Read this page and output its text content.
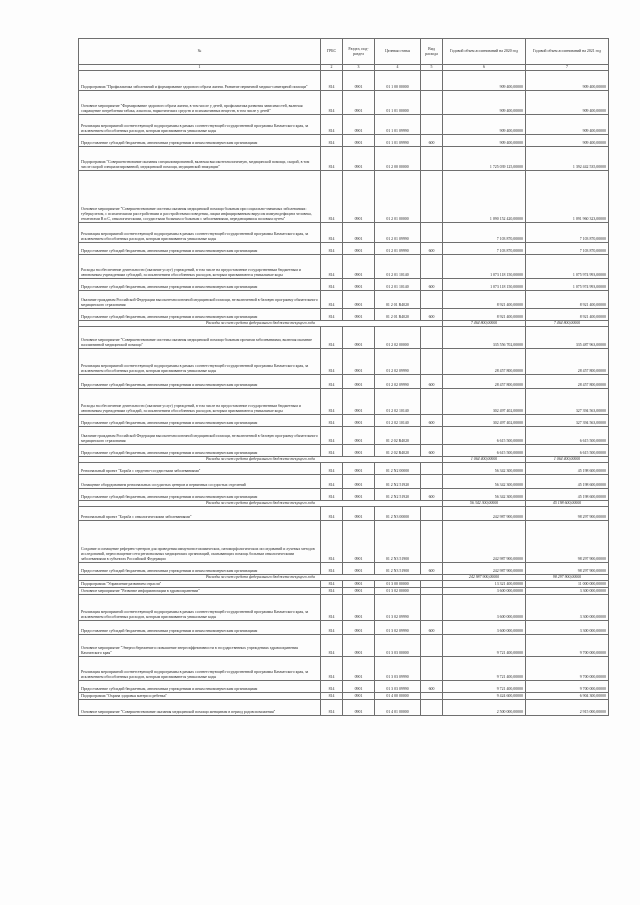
№	ГРБС	Раздел, под-раздел	Целевая статья	Вид расхода	Годовой объем ассигнований на 2020 год	Годовой объем ассигнований на 2021 год
1	2	3	4	5	6	7
Подпрограмма "Профилактика заболеваний и формирование здорового образа жизни. Развитие первичной медико-санитарной помощи"	814	0901	01 1 00 00000		909 400,00000	909 400,00000
Основное мероприятие "Формирование здорового образа жизни, в том числе у детей, профилактика развития зависимостей, включая сокращение потребления табака, алкоголя, наркотических средств и психоактивных веществ, в том числе у детей"	814	0901	01 1 01 00000		909 400,00000	909 400,00000
Реализация мероприятий соответствующей подпрограммы в рамках соответствующей государственной программы Камчатского края, за исключением обособленных расходов, которым присваиваются уникальные коды	814	0901	01 1 01 09990		909 400,00000	909 400,00000
Предоставление субсидий бюджетным, автономным учреждениям и иным некоммерческим организациям	814	0901	01 1 01 09990	600	909 400,00000	909 400,00000
Подпрограмма "Совершенствование оказания специализированной, включая высокотехнологичную, медицинской помощи, скорой, в том числе скорой специализированной, медицинской помощи, медицинской эвакуации"	814	0901	01 2 00 00000		1 725 039 125,00000	1 392 442 535,00000
Основное мероприятие "Совершенствование системы оказания медицинской помощи больным при социально-значимых заболеваниях: туберкулезом, с психическими расстройствами и расстройствами поведения, лицам инфицированным вирусом иммунодефицита человека, гепатитами В и С, онкологическими, сосудистыми больным и больным с заболеваниями, передающимися половым путем"	814	0901	01 2 01 00000		1 090 152 420,00000	1 091 960 323,00000
Реализация мероприятий соответствующей подпрограммы в рамках соответствующей государственной программы Камчатского края, за исключением обособленных расходов, которым присваиваются уникальные коды	814	0901	01 2 01 09990		7 103 870,00000	7 103 870,00000
Предоставление субсидий бюджетным, автономным учреждениям и иным некоммерческим организациям	814	0901	01 2 01 09990	600	7 103 870,00000	7 103 870,00000
Расходы на обеспечение деятельности (оказание услуг) учреждений, в том числе на предоставление государственным бюджетным и автономным учреждениям субсидий, за исключением обособленных расходов, которым присваиваются уникальные коды	814	0901	01 2 01 10140		1 073 118 150,00000	1 075 974 993,00000
Предоставление субсидий бюджетным, автономным учреждениям и иным некоммерческим организациям	814	0901	01 2 01 10140	600	1 073 118 150,00000	1 075 974 993,00000
Оказание гражданам Российской Федерации высокотехнологичной медицинской помощи, не включенной в базовую программу обязательного медицинского страхования	814	0901	01 2 01 R4020		8 921 400,00000	8 921 400,00000
Предоставление субсидий бюджетным, автономным учреждениям и иным некоммерческим организациям	814	0901	01 2 01 R4020	600	8 921 400,00000	8 921 400,00000
Расходы за счет средств федерального бюджета текущего года					7 464 800,00000	7 464 800,00000
Основное мероприятие "Совершенствование системы оказания медицинской помощи больным прочими заболеваниями, включая оказание паллиативной медицинской помощи"	814	0901	01 2 02 00000		335 556 702,00000	335 487 963,00000
Реализация мероприятий соответствующей подпрограммы в рамках соответствующей государственной программы Камчатского края, за исключением обособленных расходов, которым присваиваются уникальные коды	814	0901	01 2 02 09990		28 457 800,00000	28 457 800,00000
Предоставление субсидий бюджетным, автономным учреждениям и иным некоммерческим организациям	814	0901	01 2 02 09990	600	28 457 800,00000	28 457 800,00000
Расходы на обеспечение деятельности (оказание услуг) учреждений, в том числе на предоставление государственным бюджетным и автономным учреждениям субсидий, за исключением обособленных расходов, которым присваиваются уникальные коды	814	0901	01 2 02 10140		302 497 402,00000	327 394 563,00000
Предоставление субсидий бюджетным, автономным учреждениям и иным некоммерческим организациям	814	0901	01 2 02 10140	600	302 497 402,00000	327 394 563,00000
Оказание гражданам Российской Федерации высокотехнологичной медицинской помощи, не включенной в базовую программу обязательного медицинского страхования	814	0901	01 2 02 R4020		6 615 500,00000	6 615 500,00000
Предоставление субсидий бюджетным, автономным учреждениям и иным некоммерческим организациям	814	0901	01 2 02 R4020	600	6 615 500,00000	6 615 500,00000
Расходы за счет средств федерального бюджета текущего года					1 064 400,00000	1 064 400,00000
Региональный проект "Борьба с сердечно-сосудистыми заболеваниями"	814	0901	01 2 N2 00000		56 342 300,00000	45 198 600,00000
Оснащение оборудованием региональных сосудистых центров и первичных сосудистых отделений	814	0901	01 2 N2 51920		56 342 300,00000	45 198 600,00000
Предоставление субсидий бюджетным, автономным учреждениям и иным некоммерческим организациям	814	0901	01 2 N2 51920	600	56 342 300,00000	45 198 600,00000
Расходы за счет средств федерального бюджета текущего года					56 342 300,00000	45 198 600,00000
Региональный проект "Борьба с онкологическими заболеваниями"	814	0901	01 2 N3 00000		242 987 900,00000	98 297 900,00000
Создание и оснащение референс-центров для проведения иммуногистохимических, патоморфологических исследований и лучевых методов исследований, переоснащение сети региональных медицинских организаций, оказывающих помощь больным онкологическими заболеваниями в субъектах Российской Федерации	814	0901	01 2 N3 51900		242 987 900,00000	98 297 900,00000
Предоставление субсидий бюджетным, автономным учреждениям и иным некоммерческим организациям	814	0901	01 2 N3 51900	600	242 987 900,00000	98 297 900,00000
Расходы за счет средств федерального бюджета текущего года					242 987 900,00000	98 297 900,00000
Подпрограмма "Управление развитием отрасли"	814	0901	01 3 00 00000		13 321 400,00000	11 000 000,00000
Основное мероприятие "Развитие информатизации в здравоохранении"	814	0901	01 3 02 00000		3 600 000,00000	3 300 000,00000
Реализация мероприятий соответствующей подпрограммы в рамках соответствующей государственной программы Камчатского края, за исключением обособленных расходов, которым присваиваются уникальные коды	814	0901	01 3 02 09990		3 600 000,00000	3 300 000,00000
Предоставление субсидий бюджетным, автономным учреждениям и иным некоммерческим организациям	814	0901	01 3 02 09990	600	3 600 000,00000	3 300 000,00000
Основное мероприятие "Энергосбережение и повышение энергоэффективности в государственных учреждениях здравоохранения Камчатского края"	814	0901	01 3 03 00000		9 721 400,00000	9 700 000,00000
Реализация мероприятий соответствующей подпрограммы в рамках соответствующей государственной программы Камчатского края, за исключением обособленных расходов, которым присваиваются уникальные коды	814	0901	01 3 03 09990		9 721 400,00000	9 700 000,00000
Предоставление субсидий бюджетным, автономным учреждениям и иным некоммерческим организациям	814	0901	01 3 03 09990	600	9 721 400,00000	9 700 000,00000
Подпрограмма "Охрана здоровья матери и ребенка"	814	0901	01 4 00 00000		9 424 600,00000	6 904 300,00000
Основное мероприятие "Совершенствование оказания медицинской помощи женщинам в период родовспоможения"	814	0901	01 4 01 00000		2 500 000,00000	2 915 000,00000
